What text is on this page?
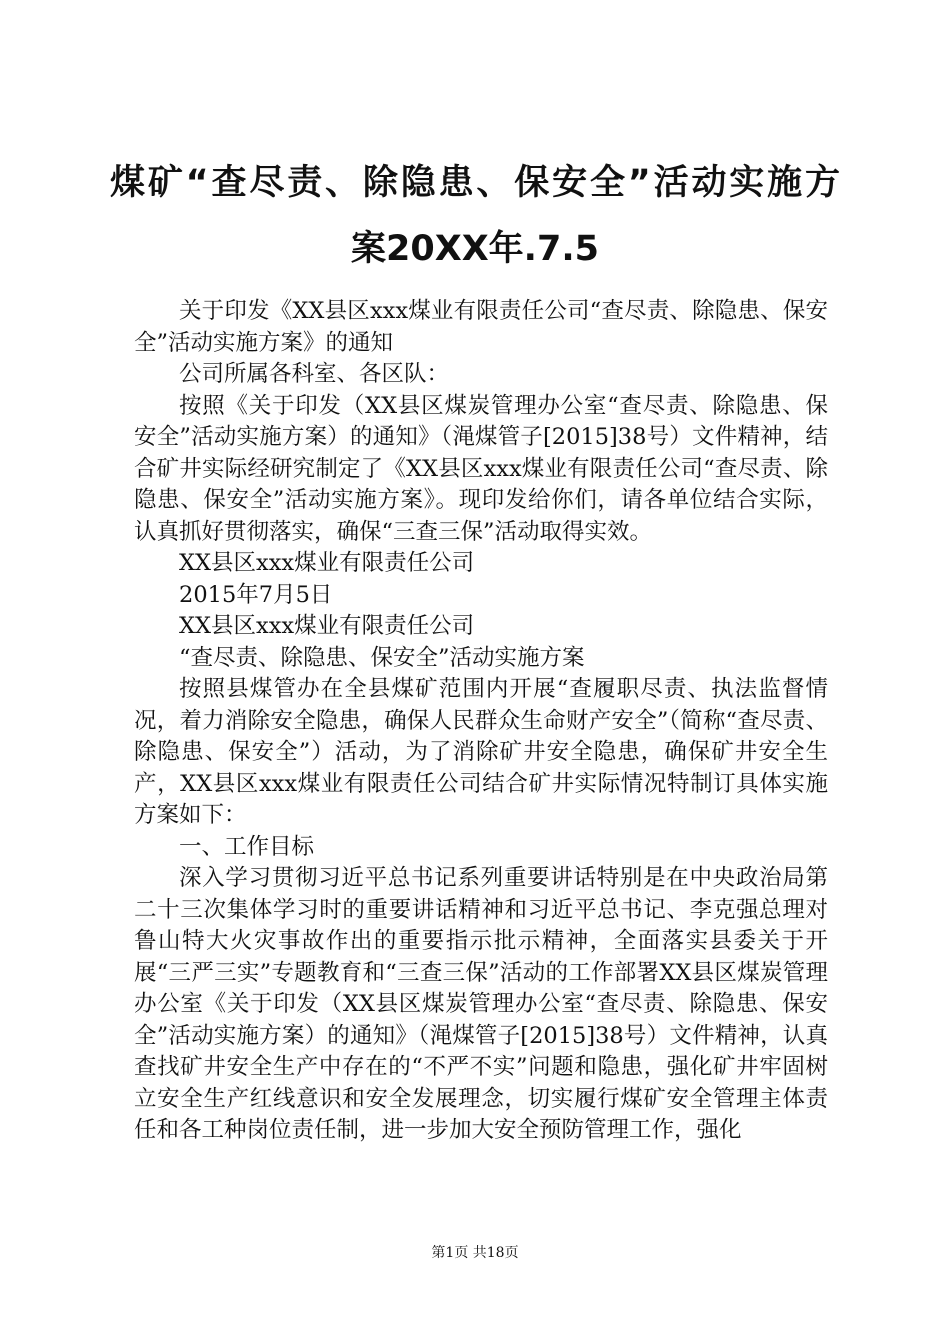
煤矿“查尽责、除隐患、保安全”活动实施方
案20XX年.7.5

关于印发《XX县区xxx煤业有限责任公司“查尽责、除隐患、保安全”活动实施方案》的通知

公司所属各科室、各区队：

按照《关于印发（XX县区煤炭管理办公室“查尽责、除隐患、保安全”活动实施方案）的通知》（渑煤管子[2015]38号）文件精神，结合矿井实际经研究制定了《XX县区xxx煤业有限责任公司“查尽责、除隐患、保安全”活动实施方案》。现印发给你们，请各单位结合实际，认真抓好贯彻落实，确保“三查三保”活动取得实效。

XX县区xxx煤业有限责任公司

2015年7月5日

XX县区xxx煤业有限责任公司

“查尽责、除隐患、保安全”活动实施方案

按照县煤管办在全县煤矿范围内开展“查履职尽责、执法监督情况，着力消除安全隐患，确保人民群众生命财产安全”（简称“查尽责、除隐患、保安全”）活动，为了消除矿井安全隐患，确保矿井安全生产，XX县区xxx煤业有限责任公司结合矿井实际情况特制订具体实施方案如下：

一、工作目标

深入学习贯彻习近平总书记系列重要讲话特别是在中央政治局第二十三次集体学习时的重要讲话精神和习近平总书记、李克强总理对鲁山特大火灾事故作出的重要指示批示精神，全面落实县委关于开展“三严三实”专题教育和“三查三保”活动的工作部署XX县区煤炭管理办公室《关于印发（XX县区煤炭管理办公室“查尽责、除隐患、保安全”活动实施方案）的通知》（渑煤管子[2015]38号）文件精神，认真查找矿井安全生产中存在的“不严不实”问题和隐患，强化矿井牢固树立安全生产红线意识和安全发展理念，切实履行煤矿安全管理主体责任和各工种岗位责任制，进一步加大安全预防管理工作，强化

第1页 共18页
